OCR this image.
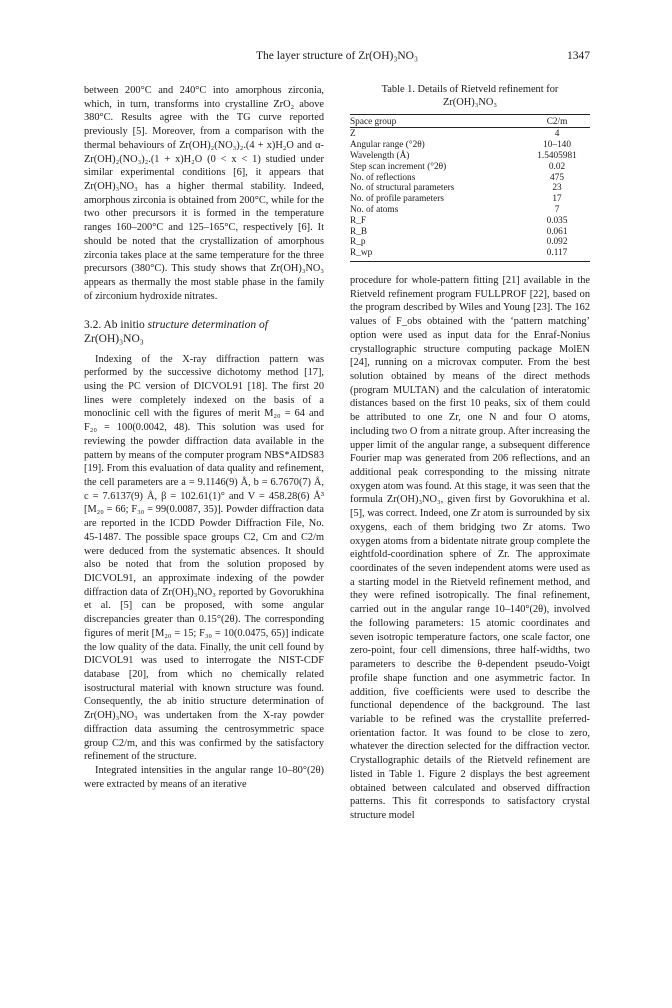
The layer structure of Zr(OH)₃NO₃	1347

between 200°C and 240°C into amorphous zirconia, which, in turn, transforms into crystalline ZrO₂ above 380°C. Results agree with the TG curve reported previously [5]. Moreover, from a comparison with the thermal behaviours of Zr(OH)₂(NO₃)₂.(4 + x)H₂O and α-Zr(OH)₂(NO₃)₂.(1 + x)H₂O (0 < x < 1) studied under similar experimental conditions [6], it appears that Zr(OH)₃NO₃ has a higher thermal stability. Indeed, amorphous zirconia is obtained from 200°C, while for the two other precursors it is formed in the temperature ranges 160–200°C and 125–165°C, respectively [6]. It should be noted that the crystallization of amorphous zirconia takes place at the same temperature for the three precursors (380°C). This study shows that Zr(OH)₃NO₃ appears as thermally the most stable phase in the family of zirconium hydroxide nitrates.

3.2. Ab initio structure determination of Zr(OH)₃NO₃

Indexing of the X-ray diffraction pattern was performed by the successive dichotomy method [17], using the PC version of DICVOL91 [18]. The first 20 lines were completely indexed on the basis of a monoclinic cell with the figures of merit M₂₀ = 64 and F₂₀ = 100(0.0042, 48). This solution was used for reviewing the powder diffraction data available in the pattern by means of the computer program NBS*AIDS83 [19]. From this evaluation of data quality and refinement, the cell parameters are a = 9.1146(9) Å, b = 6.7670(7) Å, c = 7.6137(9) Å, β = 102.61(1)° and V = 458.28(6) Å³ [M₂₀ = 66; F₃₀ = 99(0.0087, 35)]. Powder diffraction data are reported in the ICDD Powder Diffraction File, No. 45-1487. The possible space groups C2, Cm and C2/m were deduced from the systematic absences. It should also be noted that from the solution proposed by DICVOL91, an approximate indexing of the powder diffraction data of Zr(OH)₃NO₃ reported by Govorukhina et al. [5] can be proposed, with some angular discrepancies greater than 0.15°(2θ). The corresponding figures of merit [M₂₀ = 15; F₃₀ = 10(0.0475, 65)] indicate the low quality of the data. Finally, the unit cell found by DICVOL91 was used to interrogate the NIST-CDF database [20], from which no chemically related isostructural material with known structure was found. Consequently, the ab initio structure determination of Zr(OH)₃NO₃ was undertaken from the X-ray powder diffraction data assuming the centrosymmetric space group C2/m, and this was confirmed by the satisfactory refinement of the structure.

Integrated intensities in the angular range 10–80°(2θ) were extracted by means of an iterative

Table 1. Details of Rietveld refinement for
Zr(OH)₃NO₃
Space group	C2/m
Z	4
Angular range (°2θ)	10–140
Wavelength (Å)	1.5405981
Step scan increment (°2θ)	0.02
No. of reflections	475
No. of structural parameters	23
No. of profile parameters	17
No. of atoms	7
R_F	0.035
R_B	0.061
R_p	0.092
R_wp	0.117

procedure for whole-pattern fitting [21] available in the Rietveld refinement program FULLPROF [22], based on the program described by Wiles and Young [23]. The 162 values of F_obs obtained with the ‘pattern matching’ option were used as input data for the Enraf-Nonius crystallographic structure computing package MolEN [24], running on a microvax computer. From the best solution obtained by means of the direct methods (program MULTAN) and the calculation of interatomic distances based on the first 10 peaks, six of them could be attributed to one Zr, one N and four O atoms, including two O from a nitrate group. After increasing the upper limit of the angular range, a subsequent difference Fourier map was generated from 206 reflections, and an additional peak corresponding to the missing nitrate oxygen atom was found. At this stage, it was seen that the formula Zr(OH)₃NO₃, given first by Govorukhina et al. [5], was correct. Indeed, one Zr atom is surrounded by six oxygens, each of them bridging two Zr atoms. Two oxygen atoms from a bidentate nitrate group complete the eightfold-coordination sphere of Zr. The approximate coordinates of the seven independent atoms were used as a starting model in the Rietveld refinement method, and they were refined isotropically. The final refinement, carried out in the angular range 10–140°(2θ), involved the following parameters: 15 atomic coordinates and seven isotropic temperature factors, one scale factor, one zero-point, four cell dimensions, three half-widths, two parameters to describe the θ-dependent pseudo-Voigt profile shape function and one asymmetric factor. In addition, five coefficients were used to describe the functional dependence of the background. The last variable to be refined was the crystallite preferred-orientation factor. It was found to be close to zero, whatever the direction selected for the diffraction vector. Crystallographic details of the Rietveld refinement are listed in Table 1. Figure 2 displays the best agreement obtained between calculated and observed diffraction patterns. This fit corresponds to satisfactory crystal structure model
